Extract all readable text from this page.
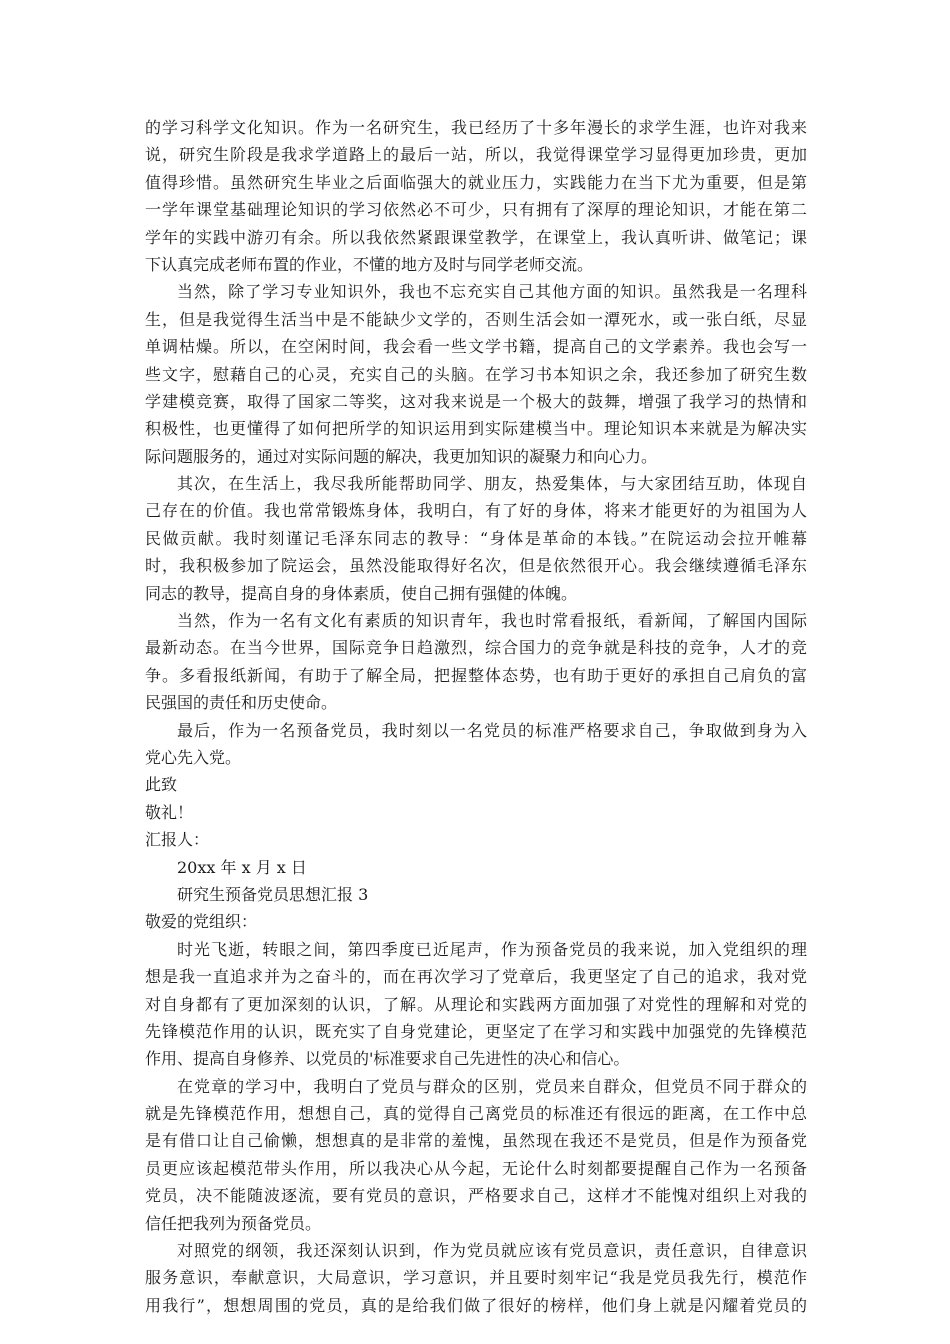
的学习科学文化知识。作为一名研究生，我已经历了十多年漫长的求学生涯，也许对我来
说，研究生阶段是我求学道路上的最后一站，所以，我觉得课堂学习显得更加珍贵，更加
值得珍惜。虽然研究生毕业之后面临强大的就业压力，实践能力在当下尤为重要，但是第
一学年课堂基础理论知识的学习依然必不可少，只有拥有了深厚的理论知识，才能在第二
学年的实践中游刃有余。所以我依然紧跟课堂教学，在课堂上，我认真听讲、做笔记；课
下认真完成老师布置的作业，不懂的地方及时与同学老师交流。
当然，除了学习专业知识外，我也不忘充实自己其他方面的知识。虽然我是一名理科
生，但是我觉得生活当中是不能缺少文学的，否则生活会如一潭死水，或一张白纸，尽显
单调枯燥。所以，在空闲时间，我会看一些文学书籍，提高自己的文学素养。我也会写一
些文字，慰藉自己的心灵，充实自己的头脑。在学习书本知识之余，我还参加了研究生数
学建模竞赛，取得了国家二等奖，这对我来说是一个极大的鼓舞，增强了我学习的热情和
积极性，也更懂得了如何把所学的知识运用到实际建模当中。理论知识本来就是为解决实
际问题服务的，通过对实际问题的解决，我更加知识的凝聚力和向心力。
其次，在生活上，我尽我所能帮助同学、朋友，热爱集体，与大家团结互助，体现自
己存在的价值。我也常常锻炼身体，我明白，有了好的身体，将来才能更好的为祖国为人
民做贡献。我时刻谨记毛泽东同志的教导：“身体是革命的本钱。”在院运动会拉开帷幕
时，我积极参加了院运会，虽然没能取得好名次，但是依然很开心。我会继续遵循毛泽东
同志的教导，提高自身的身体素质，使自己拥有强健的体魄。
当然，作为一名有文化有素质的知识青年，我也时常看报纸，看新闻，了解国内国际
最新动态。在当今世界，国际竞争日趋激烈，综合国力的竞争就是科技的竞争，人才的竞
争。多看报纸新闻，有助于了解全局，把握整体态势，也有助于更好的承担自己肩负的富
民强国的责任和历史使命。
最后，作为一名预备党员，我时刻以一名党员的标准严格要求自己，争取做到身为入
党心先入党。
此致
敬礼！
汇报人：
20xx 年 x 月 x 日
研究生预备党员思想汇报 3
敬爱的党组织：
时光飞逝，转眼之间，第四季度已近尾声，作为预备党员的我来说，加入党组织的理
想是我一直追求并为之奋斗的，而在再次学习了党章后，我更坚定了自己的追求，我对党
对自身都有了更加深刻的认识，了解。从理论和实践两方面加强了对党性的理解和对党的
先锋模范作用的认识，既充实了自身党建论，更坚定了在学习和实践中加强党的先锋模范
作用、提高自身修养、以党员的'标准要求自己先进性的决心和信心。
在党章的学习中，我明白了党员与群众的区别，党员来自群众，但党员不同于群众的
就是先锋模范作用，想想自己，真的觉得自己离党员的标准还有很远的距离，在工作中总
是有借口让自己偷懒，想想真的是非常的羞愧，虽然现在我还不是党员，但是作为预备党
员更应该起模范带头作用，所以我决心从今起，无论什么时刻都要提醒自己作为一名预备
党员，决不能随波逐流，要有党员的意识，严格要求自己，这样才不能愧对组织上对我的
信任把我列为预备党员。
对照党的纲领，我还深刻认识到，作为党员就应该有党员意识，责任意识，自律意识
服务意识，奉献意识，大局意识，学习意识，并且要时刻牢记“我是党员我先行，模范作
用我行”，想想周围的党员，真的是给我们做了很好的榜样，他们身上就是闪耀着党员的
